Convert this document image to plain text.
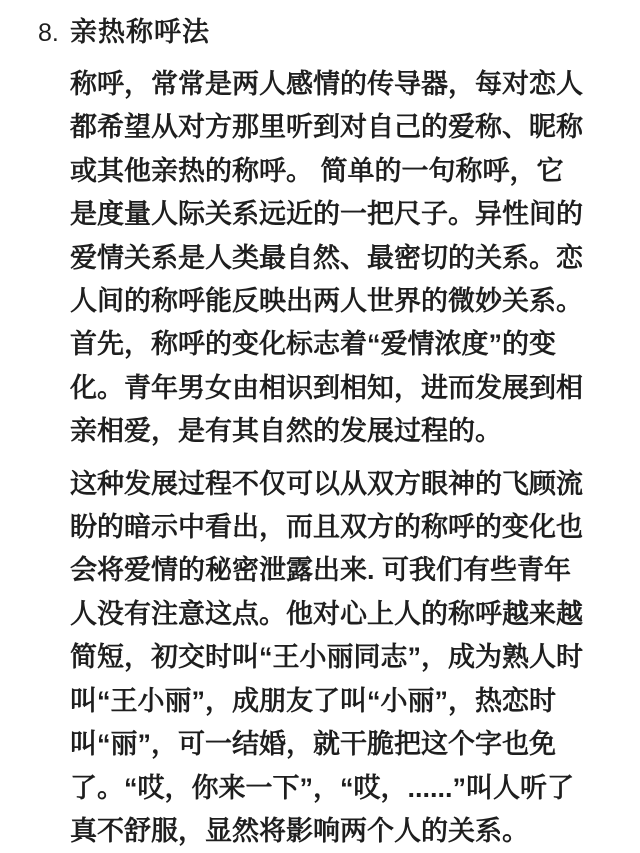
8. 亲热称呼法
称呼，常常是两人感情的传导器，每对恋人
都希望从对方那里听到对自己的爱称、昵称
或其他亲热的称呼。 简单的一句称呼，它
是度量人际关系远近的一把尺子。异性间的
爱情关系是人类最自然、最密切的关系。恋
人间的称呼能反映出两人世界的微妙关系。
首先，称呼的变化标志着“爱情浓度”的变
化。青年男女由相识到相知，进而发展到相
亲相爱，是有其自然的发展过程的。
这种发展过程不仅可以从双方眼神的飞顾流
盼的暗示中看出，而且双方的称呼的变化也
会将爱情的秘密泄露出来. 可我们有些青年
人没有注意这点。他对心上人的称呼越来越
简短，初交时叫“王小丽同志”，成为熟人时
叫“王小丽”，成朋友了叫“小丽”，热恋时
叫“丽”，可一结婚，就干脆把这个字也免
了。“哎，你来一下”，“哎，......”叫人听了
真不舒服，显然将影响两个人的关系。
